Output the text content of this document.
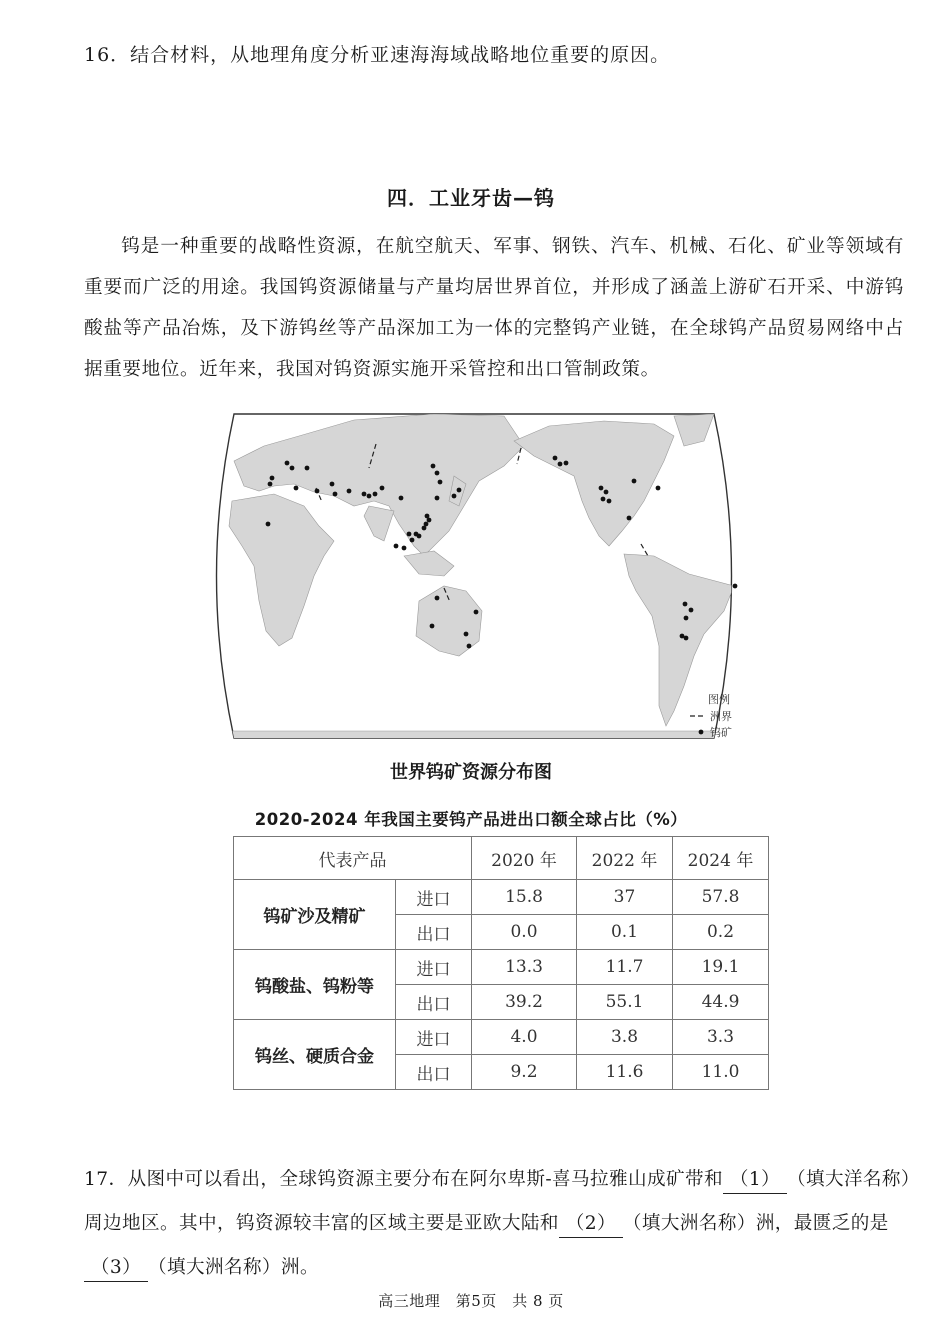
16．结合材料，从地理角度分析亚速海海域战略地位重要的原因。
四．工业牙齿—钨
钨是一种重要的战略性资源，在航空航天、军事、钢铁、汽车、机械、石化、矿业等领域有重要而广泛的用途。我国钨资源储量与产量均居世界首位，并形成了涵盖上游矿石开采、中游钨酸盐等产品冶炼，及下游钨丝等产品深加工为一体的完整钨产业链，在全球钨产品贸易网络中占据重要地位。近年来，我国对钨资源实施开采管控和出口管制政策。
图例
洲界
钨矿
世界钨矿资源分布图
2020-2024 年我国主要钨产品进出口额全球占比（%）
代表产品		2020 年	2022 年	2024 年
钨矿沙及精矿	进口	15.8	37	57.8
	出口	0.0	0.1	0.2
钨酸盐、钨粉等	进口	13.3	11.7	19.1
	出口	39.2	55.1	44.9
钨丝、硬质合金	进口	4.0	3.8	3.3
	出口	9.2	11.6	11.0
17．从图中可以看出，全球钨资源主要分布在阿尔卑斯-喜马拉雅山成矿带和 （1） （填大洋名称）周边地区。其中，钨资源较丰富的区域主要是亚欧大陆和 （2） （填大洲名称）洲，最匮乏的是（3） （填大洲名称）洲。
高三地理　第5页　共 8 页
